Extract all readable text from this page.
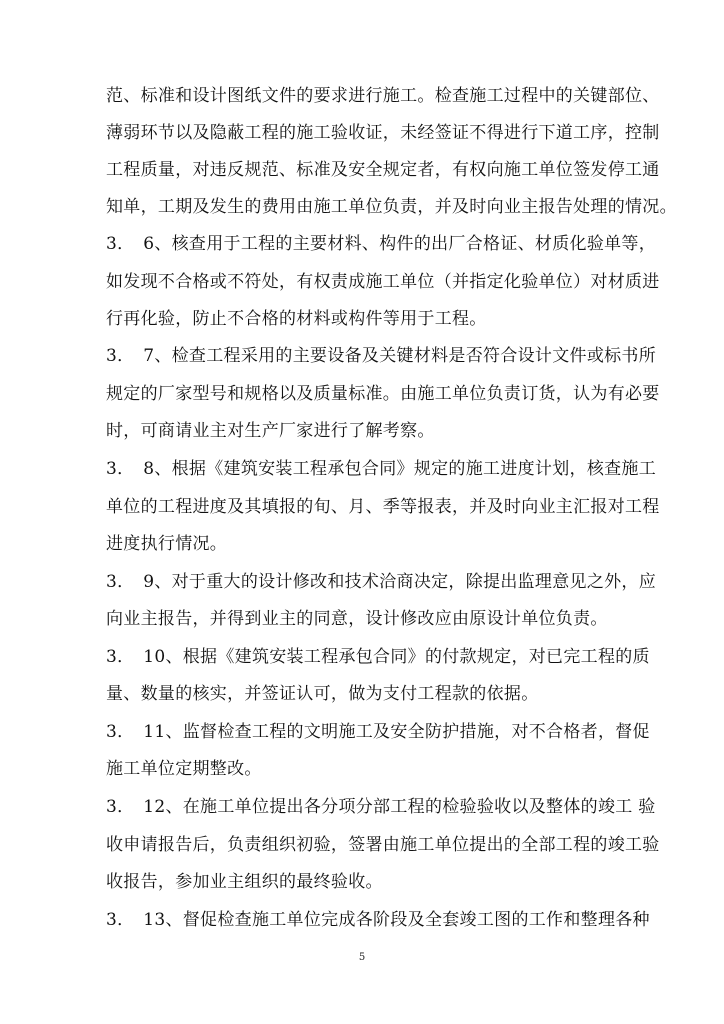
范、标准和设计图纸文件的要求进行施工。检查施工过程中的关键部位、
薄弱环节以及隐蔽工程的施工验收证，未经签证不得进行下道工序，控制
工程质量，对违反规范、标准及安全规定者，有权向施工单位签发停工通
知单，工期及发生的费用由施工单位负责，并及时向业主报告处理的情况。
3．　6、核查用于工程的主要材料、构件的出厂合格证、材质化验单等，
如发现不合格或不符处，有权责成施工单位（并指定化验单位）对材质进
行再化验，防止不合格的材料或构件等用于工程。
3．　7、检查工程采用的主要设备及关键材料是否符合设计文件或标书所
规定的厂家型号和规格以及质量标准。由施工单位负责订货，认为有必要
时，可商请业主对生产厂家进行了解考察。
3．　8、根据《建筑安装工程承包合同》规定的施工进度计划，核查施工
单位的工程进度及其填报的旬、月、季等报表，并及时向业主汇报对工程
进度执行情况。
3．　9、对于重大的设计修改和技术洽商决定，除提出监理意见之外，应
向业主报告，并得到业主的同意，设计修改应由原设计单位负责。
3．　10、根据《建筑安装工程承包合同》的付款规定，对已完工程的质
量、数量的核实，并签证认可，做为支付工程款的依据。
3．　11、监督检查工程的文明施工及安全防护措施，对不合格者，督促
施工单位定期整改。
3．　12、在施工单位提出各分项分部工程的检验验收以及整体的竣工 验
收申请报告后，负责组织初验，签署由施工单位提出的全部工程的竣工验
收报告，参加业主组织的最终验收。
3．　13、督促检查施工单位完成各阶段及全套竣工图的工作和整理各种
5
